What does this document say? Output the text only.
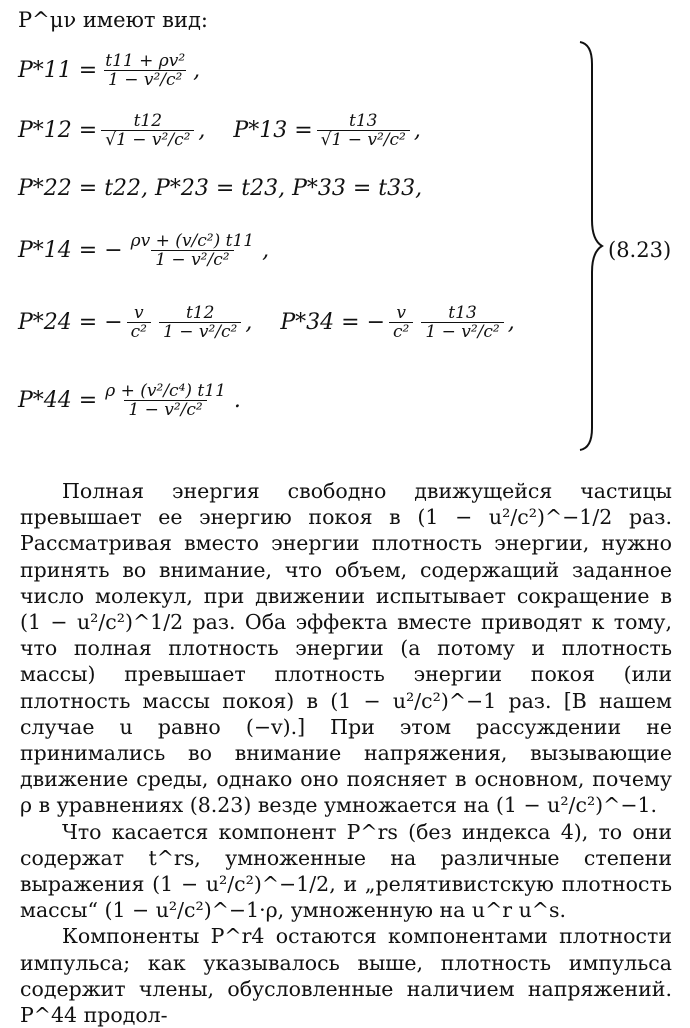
P^μν имеют вид:
$P*11 = \frac{\text{t11 + ρv²}}{\text{1 − v²/c²}}$ ,
$P*12 = \frac{t12}{\text{√1 − v²/c²}}$ , $P*13 = \frac{t13}{\text{√1 − v²/c²}}$ ,
P*22 = t22, P*23 = t23, P*33 = t33,
P*14 = − $\frac{\text{ρv + (v/c²) t11}}{\text{1 − v²/c²}}$ ,
P*24 = − $\frac{v}{\text{c²}} \frac{t12}{\text{1 − v²/c²}}$ , P*34 = − $\frac{v}{\text{c²}} \frac{t13}{\text{1 − v²/c²}}$ ,
$P*44 = \frac{\text{ρ + (v²/c⁴) t11}}{\text{1 − v²/c²}}$ .
(8.23)

Полная энергия свободно движущейся частицы превышает ее энергию покоя в (1 − u²/c²)^−1/2 раз. Рассматривая вместо энергии плотность энергии, нужно принять во внимание, что объем, содержащий заданное число молекул, при движении испытывает сокращение в (1 − u²/c²)^1/2 раз. Оба эффекта вместе приводят к тому, что полная плотность энергии (а потому и плотность массы) превышает плотность энергии покоя (или плотность массы покоя) в (1 − u²/c²)^−1 раз. [В нашем случае u равно (−v).] При этом рассуждении не принимались во внимание напряжения, вызывающие движение среды, однако оно поясняет в основном, почему ρ в уравнениях (8.23) везде умножается на (1 − u²/c²)^−1.

Что касается компонент P^rs (без индекса 4), то они содержат t^rs, умноженные на различные степени выражения (1 − u²/c²)^−1/2, и „релятивистскую плотность массы“ (1 − u²/c²)^−1·ρ, умноженную на u^r u^s.

Компоненты P^r4 остаются компонентами плотности импульса; как указывалось выше, плотность импульса содержит члены, обусловленные наличием напряжений. P^44 продол-
